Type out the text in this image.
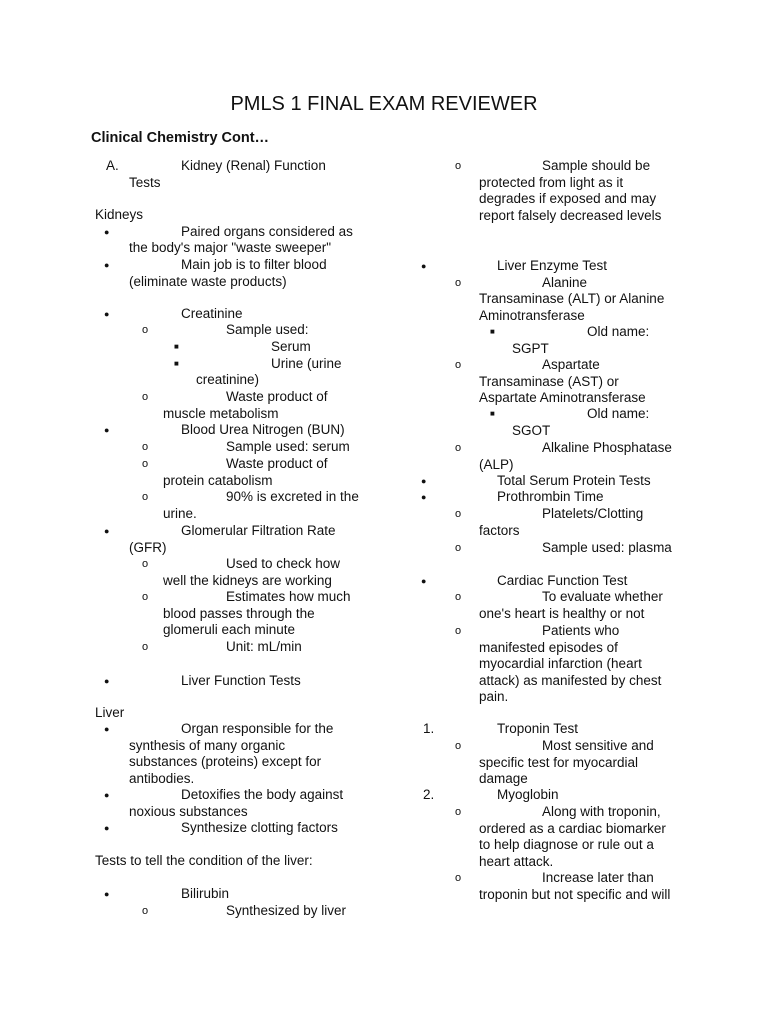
PMLS 1 FINAL EXAM REVIEWER
Clinical Chemistry Cont…
A.	Kidney (Renal) Function
Tests
Kidneys
●	Paired organs considered as
the body's major "waste sweeper"
●	Main job is to filter blood
(eliminate waste products)
●	Creatinine
o	Sample used:
■	Serum
■	Urine (urine
creatinine)
o	Waste product of
muscle metabolism
●	Blood Urea Nitrogen (BUN)
o	Sample used: serum
o	Waste product of
protein catabolism
o	90% is excreted in the
urine.
●	Glomerular Filtration Rate
(GFR)
o	Used to check how
well the kidneys are working
o	Estimates how much
blood passes through the
glomeruli each minute
o	Unit: mL/min
●	Liver Function Tests
Liver
●	Organ responsible for the
synthesis of many organic
substances (proteins) except for
antibodies.
●	Detoxifies the body against
noxious substances
●	Synthesize clotting factors
Tests to tell the condition of the liver:
●	Bilirubin
o	Synthesized by liver
o	Sample should be
protected from light as it
degrades if exposed and may
report falsely decreased levels
●	Liver Enzyme Test
o	Alanine
Transaminase (ALT) or Alanine
Aminotransferase
■	Old name:
SGPT
o	Aspartate
Transaminase (AST) or
Aspartate Aminotransferase
■	Old name:
SGOT
o	Alkaline Phosphatase
(ALP)
●	Total Serum Protein Tests
●	Prothrombin Time
o	Platelets/Clotting
factors
o	Sample used: plasma
●	Cardiac Function Test
o	To evaluate whether
one's heart is healthy or not
o	Patients who
manifested episodes of
myocardial infarction (heart
attack) as manifested by chest
pain.
1.	Troponin Test
o	Most sensitive and
specific test for myocardial
damage
2.	Myoglobin
o	Along with troponin,
ordered as a cardiac biomarker
to help diagnose or rule out a
heart attack.
o	Increase later than
troponin but not specific and will
